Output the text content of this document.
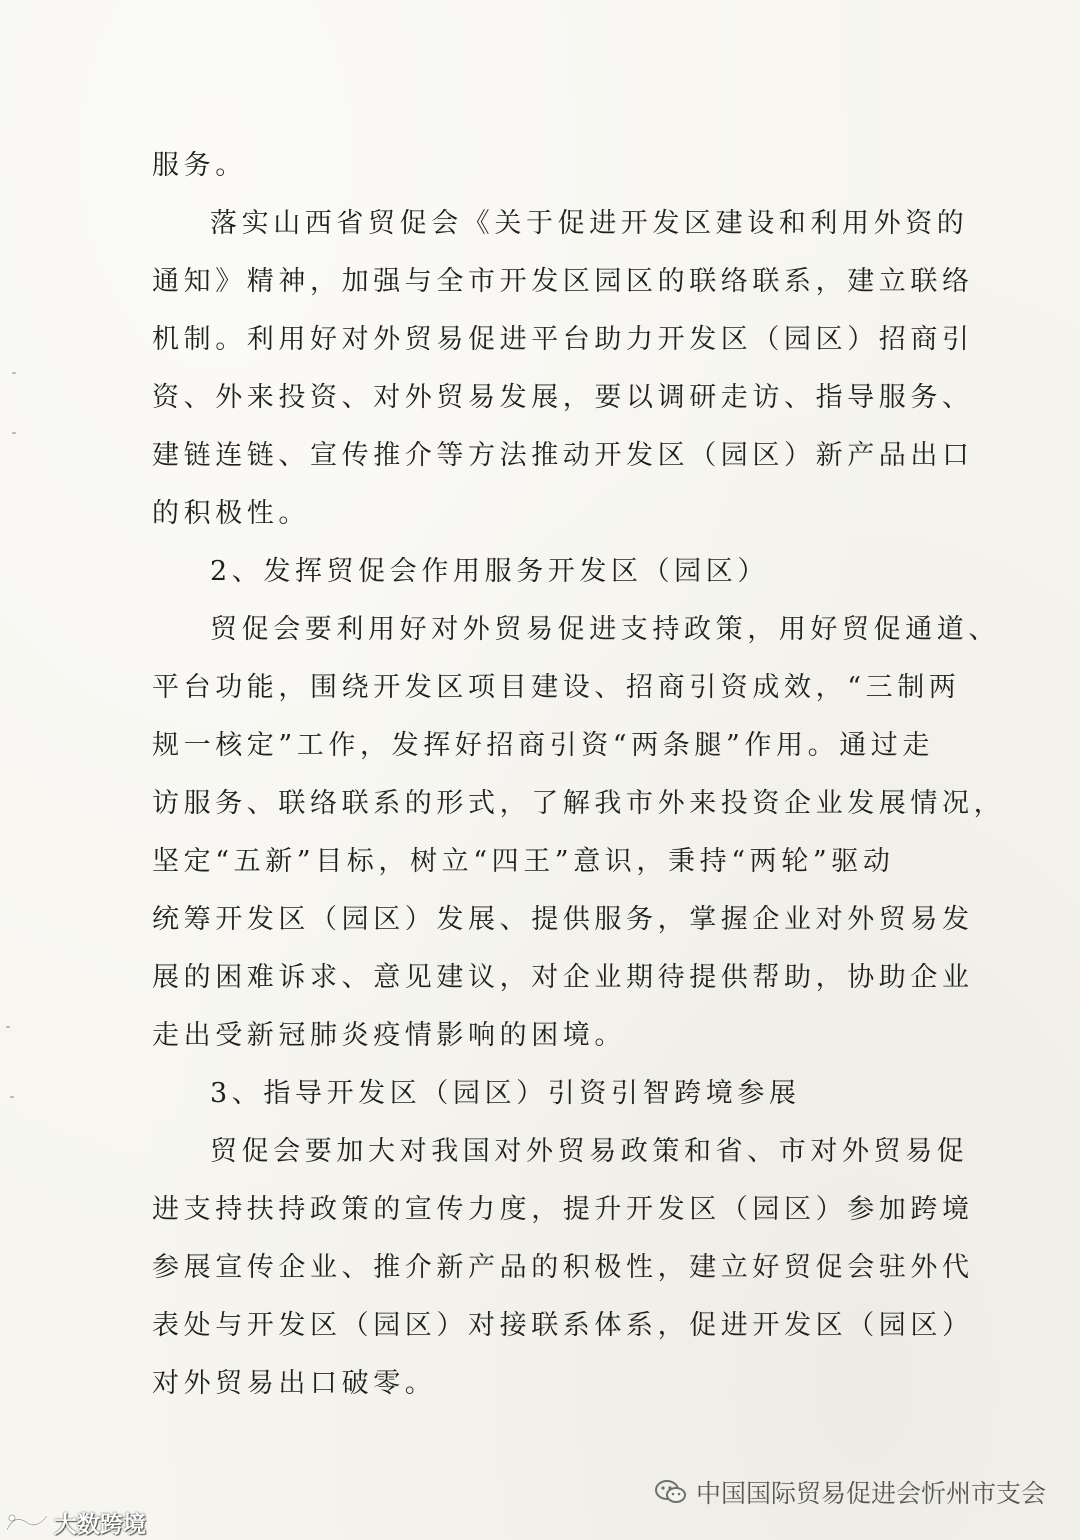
服务。
落实山西省贸促会《关于促进开发区建设和利用外资的
通知》精神，加强与全市开发区园区的联络联系，建立联络
机制。利用好对外贸易促进平台助力开发区（园区）招商引
资、外来投资、对外贸易发展，要以调研走访、指导服务、
建链连链、宣传推介等方法推动开发区（园区）新产品出口
的积极性。
2、发挥贸促会作用服务开发区（园区）
贸促会要利用好对外贸易促进支持政策，用好贸促通道、
平台功能，围绕开发区项目建设、招商引资成效，“三制两
规一核定”工作，发挥好招商引资“两条腿”作用。通过走
访服务、联络联系的形式，了解我市外来投资企业发展情况，
坚定“五新”目标，树立“四王”意识，秉持“两轮”驱动
统筹开发区（园区）发展、提供服务，掌握企业对外贸易发
展的困难诉求、意见建议，对企业期待提供帮助，协助企业
走出受新冠肺炎疫情影响的困境。
3、指导开发区（园区）引资引智跨境参展
贸促会要加大对我国对外贸易政策和省、市对外贸易促
进支持扶持政策的宣传力度，提升开发区（园区）参加跨境
参展宣传企业、推介新产品的积极性，建立好贸促会驻外代
表处与开发区（园区）对接联系体系，促进开发区（园区）
对外贸易出口破零。
中国国际贸易促进会忻州市支会
大数跨境
